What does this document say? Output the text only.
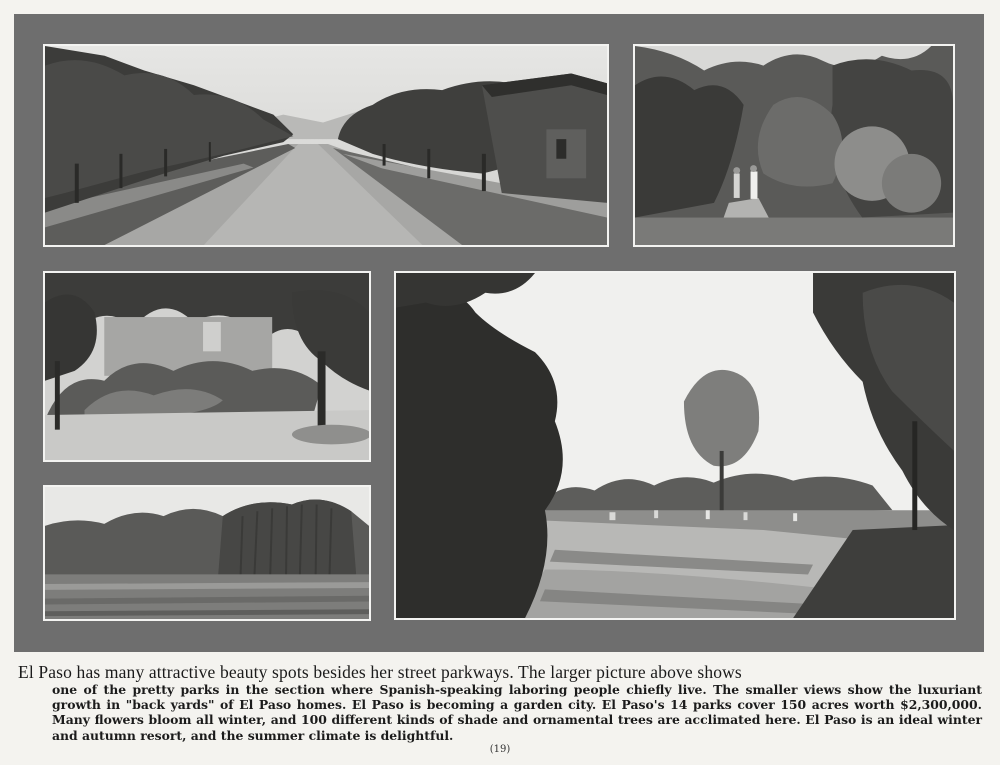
El Paso has many attractive beauty spots besides her street parkways. The larger picture above shows
one of the pretty parks in the section where Spanish-speaking laboring people chiefly live. The smaller views show the luxuriant growth in "back yards" of El Paso homes. El Paso is becoming a garden city. El Paso's 14 parks cover 150 acres worth $2,300,000. Many flowers bloom all winter, and 100 different kinds of shade and ornamental trees are acclimated here. El Paso is an ideal winter and autumn resort, and the summer climate is delightful.
(19)
